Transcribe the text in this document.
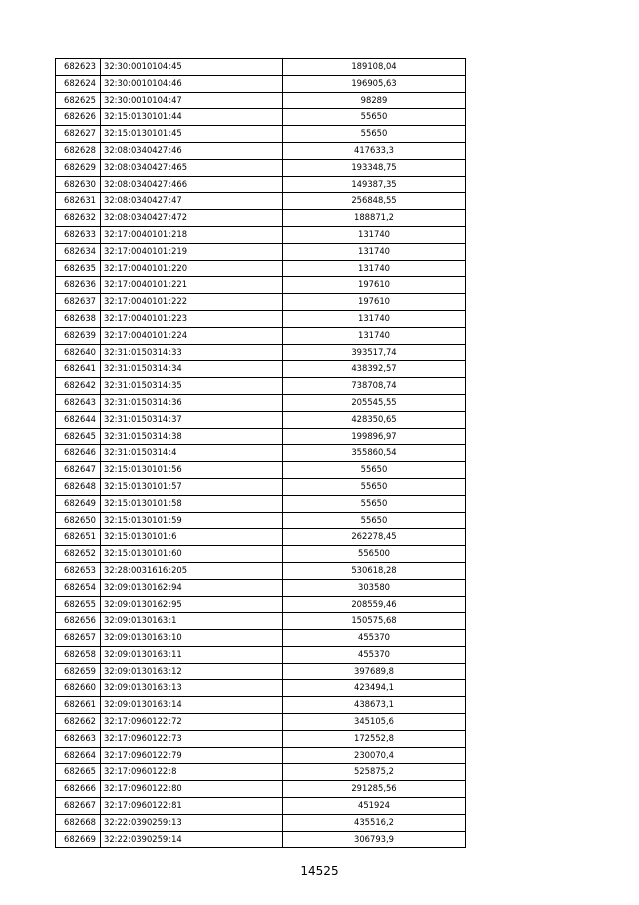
682623	32:30:0010104:45	189108,04
682624	32:30:0010104:46	196905,63
682625	32:30:0010104:47	98289
682626	32:15:0130101:44	55650
682627	32:15:0130101:45	55650
682628	32:08:0340427:46	417633,3
682629	32:08:0340427:465	193348,75
682630	32:08:0340427:466	149387,35
682631	32:08:0340427:47	256848,55
682632	32:08:0340427:472	188871,2
682633	32:17:0040101:218	131740
682634	32:17:0040101:219	131740
682635	32:17:0040101:220	131740
682636	32:17:0040101:221	197610
682637	32:17:0040101:222	197610
682638	32:17:0040101:223	131740
682639	32:17:0040101:224	131740
682640	32:31:0150314:33	393517,74
682641	32:31:0150314:34	438392,57
682642	32:31:0150314:35	738708,74
682643	32:31:0150314:36	205545,55
682644	32:31:0150314:37	428350,65
682645	32:31:0150314:38	199896,97
682646	32:31:0150314:4	355860,54
682647	32:15:0130101:56	55650
682648	32:15:0130101:57	55650
682649	32:15:0130101:58	55650
682650	32:15:0130101:59	55650
682651	32:15:0130101:6	262278,45
682652	32:15:0130101:60	556500
682653	32:28:0031616:205	530618,28
682654	32:09:0130162:94	303580
682655	32:09:0130162:95	208559,46
682656	32:09:0130163:1	150575,68
682657	32:09:0130163:10	455370
682658	32:09:0130163:11	455370
682659	32:09:0130163:12	397689,8
682660	32:09:0130163:13	423494,1
682661	32:09:0130163:14	438673,1
682662	32:17:0960122:72	345105,6
682663	32:17:0960122:73	172552,8
682664	32:17:0960122:79	230070,4
682665	32:17:0960122:8	525875,2
682666	32:17:0960122:80	291285,56
682667	32:17:0960122:81	451924
682668	32:22:0390259:13	435516,2
682669	32:22:0390259:14	306793,9
14525
